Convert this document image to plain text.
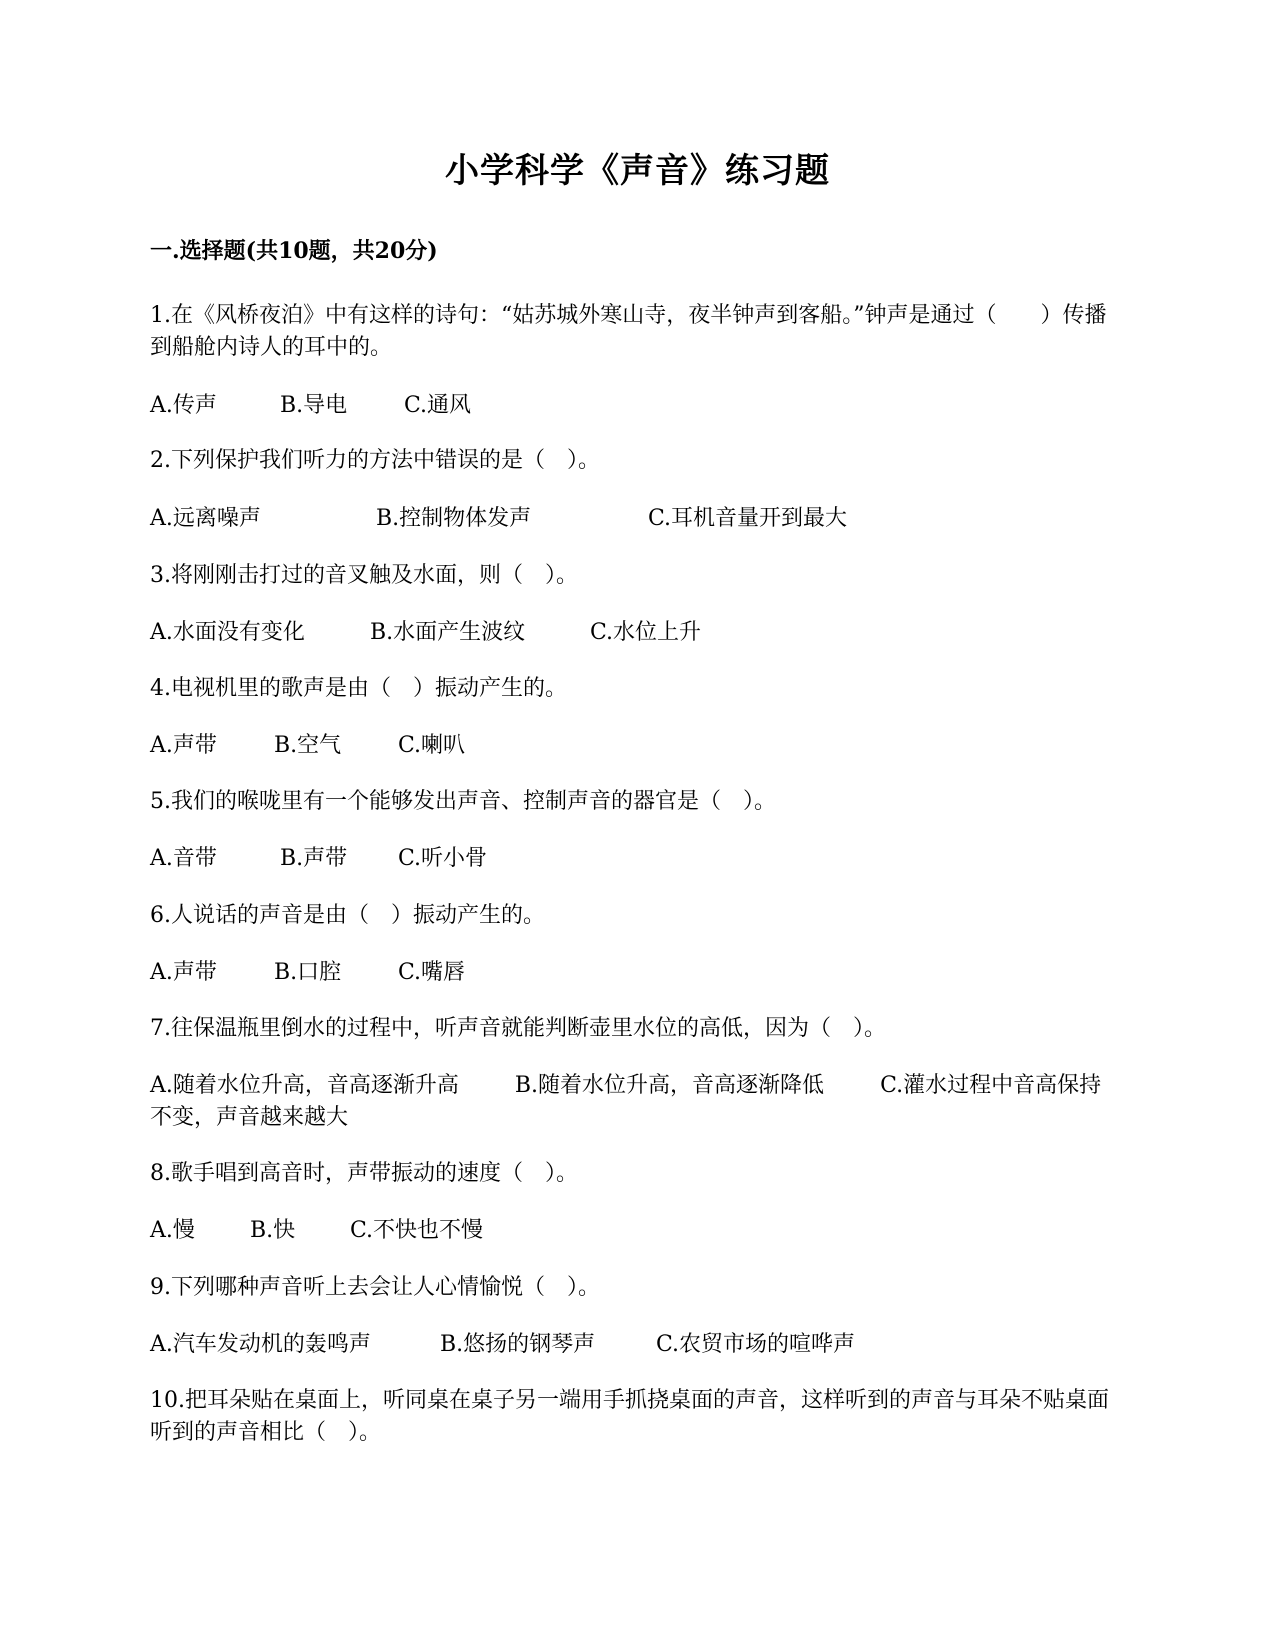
小学科学《声音》练习题
一.选择题(共10题，共20分)
1.在《风桥夜泊》中有这样的诗句：“姑苏城外寒山寺，夜半钟声到客船。”钟声是通过（　　）传播到船舱内诗人的耳中的。
A.传声	B.导电	C.通风
2.下列保护我们听力的方法中错误的是（　）。
A.远离噪声	B.控制物体发声	C.耳机音量开到最大
3.将刚刚击打过的音叉触及水面，则（　）。
A.水面没有变化	B.水面产生波纹	C.水位上升
4.电视机里的歌声是由（　）振动产生的。
A.声带	B.空气	C.喇叭
5.我们的喉咙里有一个能够发出声音、控制声音的器官是（　）。
A.音带	B.声带 C.听小骨
6.人说话的声音是由（　）振动产生的。
A.声带	B.口腔	C.嘴唇
7.往保温瓶里倒水的过程中，听声音就能判断壶里水位的高低，因为（　）。
A.随着水位升高，音高逐渐升高	B.随着水位升高，音高逐渐降低	C.灌水过程中音高保持不变，声音越来越大
8.歌手唱到高音时，声带振动的速度（　）。
A.慢	B.快 C.不快也不慢
9.下列哪种声音听上去会让人心情愉悦（　）。
A.汽车发动机的轰鸣声	B.悠扬的钢琴声	C.农贸市场的喧哗声
10.把耳朵贴在桌面上，听同桌在桌子另一端用手抓挠桌面的声音，这样听到的声音与耳朵不贴桌面听到的声音相比（　）。
